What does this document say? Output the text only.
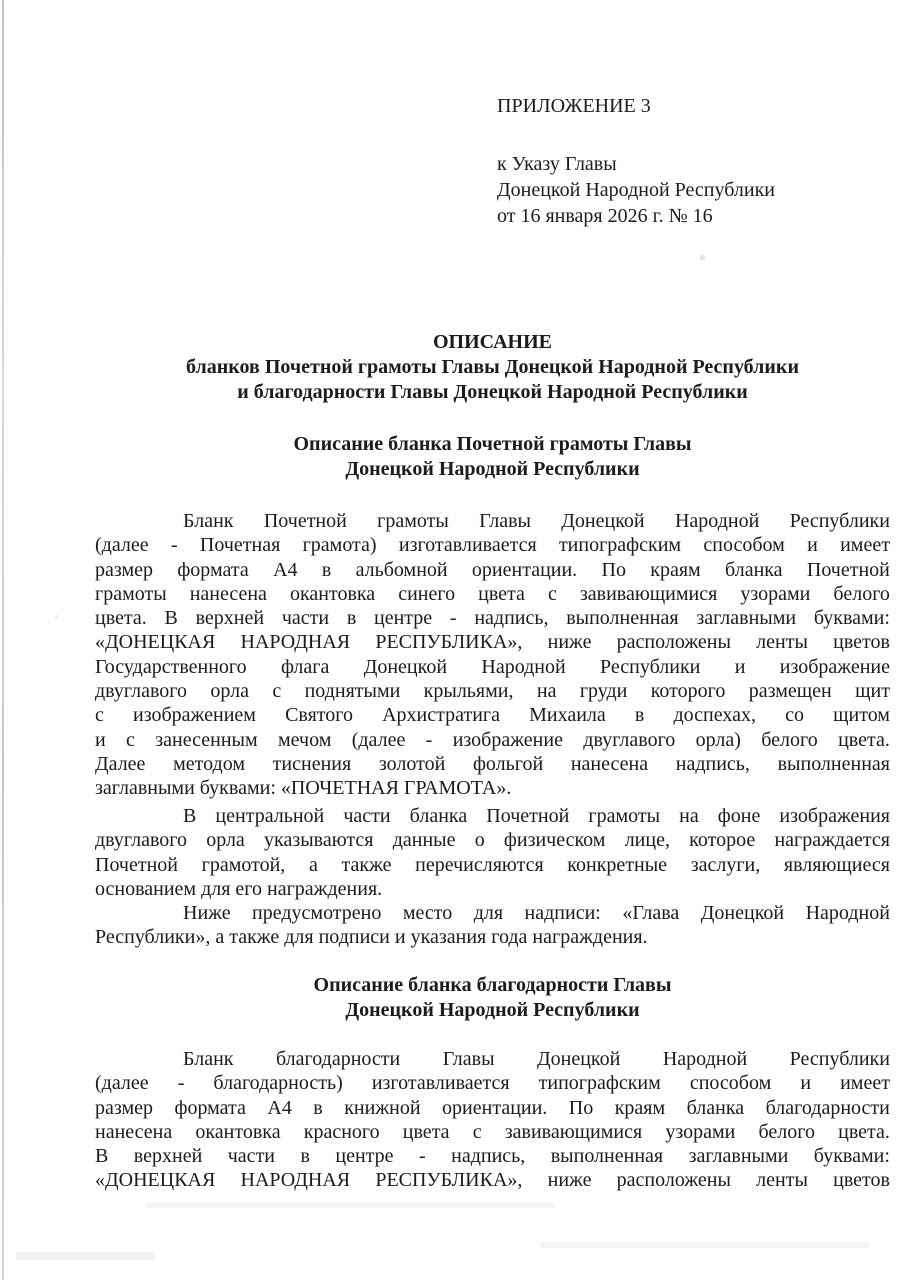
ПРИЛОЖЕНИЕ 3
к Указу Главы
Донецкой Народной Республики
от 16 января 2026 г. № 16
ОПИСАНИЕ
бланков Почетной грамоты Главы Донецкой Народной Республики
и благодарности Главы Донецкой Народной Республики
Описание бланка Почетной грамоты Главы
Донецкой Народной Республики
Бланк Почетной грамоты Главы Донецкой Народной Республики
(далее - Почетная грамота) изготавливается типографским способом и имеет
размер формата А4 в альбомной ориентации. По краям бланка Почетной
грамоты нанесена окантовка синего цвета с завивающимися узорами белого
цвета. В верхней части в центре - надпись, выполненная заглавными буквами:
«ДОНЕЦКАЯ НАРОДНАЯ РЕСПУБЛИКА», ниже расположены ленты цветов
Государственного флага Донецкой Народной Республики и изображение
двуглавого орла с поднятыми крыльями, на груди которого размещен щит
с изображением Святого Архистратига Михаила в доспехах, со щитом
и с занесенным мечом (далее - изображение двуглавого орла) белого цвета.
Далее методом тиснения золотой фольгой нанесена надпись, выполненная
заглавными буквами: «ПОЧЕТНАЯ ГРАМОТА».
В центральной части бланка Почетной грамоты на фоне изображения
двуглавого орла указываются данные о физическом лице, которое награждается
Почетной грамотой, а также перечисляются конкретные заслуги, являющиеся
основанием для его награждения.
Ниже предусмотрено место для надписи: «Глава Донецкой Народной
Республики», а также для подписи и указания года награждения.
Описание бланка благодарности Главы
Донецкой Народной Республики
Бланк благодарности Главы Донецкой Народной Республики
(далее - благодарность) изготавливается типографским способом и имеет
размер формата А4 в книжной ориентации. По краям бланка благодарности
нанесена окантовка красного цвета с завивающимися узорами белого цвета.
В верхней части в центре - надпись, выполненная заглавными буквами:
«ДОНЕЦКАЯ НАРОДНАЯ РЕСПУБЛИКА», ниже расположены ленты цветов
